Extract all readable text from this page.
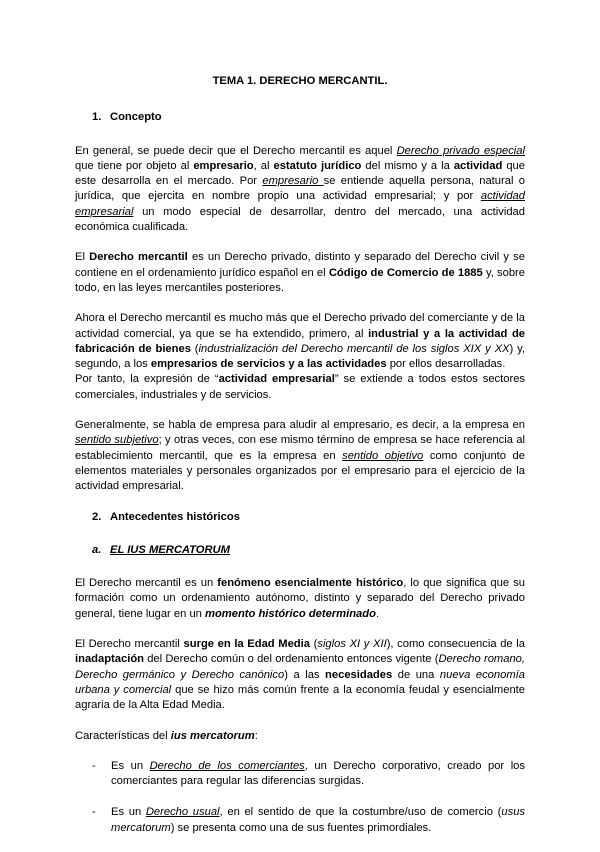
TEMA 1. DERECHO MERCANTIL.
1. Concepto

En general, se puede decir que el Derecho mercantil es aquel Derecho privado especial que tiene por objeto al empresario, al estatuto jurídico del mismo y a la actividad que este desarrolla en el mercado. Por empresario se entiende aquella persona, natural o jurídica, que ejercita en nombre propio una actividad empresarial; y por actividad empresarial un modo especial de desarrollar, dentro del mercado, una actividad económica cualificada.

El Derecho mercantil es un Derecho privado, distinto y separado del Derecho civil y se contiene en el ordenamiento jurídico español en el Código de Comercio de 1885 y, sobre todo, en las leyes mercantiles posteriores.

Ahora el Derecho mercantil es mucho más que el Derecho privado del comerciante y de la actividad comercial, ya que se ha extendido, primero, al industrial y a la actividad de fabricación de bienes (industrialización del Derecho mercantil de los siglos XIX y XX) y, segundo, a los empresarios de servicios y a las actividades por ellos desarrolladas.

Por tanto, la expresión de “actividad empresarial” se extiende a todos estos sectores comerciales, industriales y de servicios.

Generalmente, se habla de empresa para aludir al empresario, es decir, a la empresa en sentido subjetivo; y otras veces, con ese mismo término de empresa se hace referencia al establecimiento mercantil, que es la empresa en sentido objetivo como conjunto de elementos materiales y personales organizados por el empresario para el ejercicio de la actividad empresarial.

2. Antecedentes históricos
a. EL IUS MERCATORUM

El Derecho mercantil es un fenómeno esencialmente histórico, lo que significa que su formación como un ordenamiento autónomo, distinto y separado del Derecho privado general, tiene lugar en un momento histórico determinado.

El Derecho mercantil surge en la Edad Media (siglos XI y XII), como consecuencia de la inadaptación del Derecho común o del ordenamiento entonces vigente (Derecho romano, Derecho germánico y Derecho canónico) a las necesidades de una nueva economía urbana y comercial que se hizo más común frente a la economía feudal y esencialmente agraria de la Alta Edad Media.

Características del ius mercatorum:

- Es un Derecho de los comerciantes, un Derecho corporativo, creado por los comerciantes para regular las diferencias surgidas.
- Es un Derecho usual, en el sentido de que la costumbre/uso de comercio (usus mercatorum) se presenta como una de sus fuentes primordiales.
